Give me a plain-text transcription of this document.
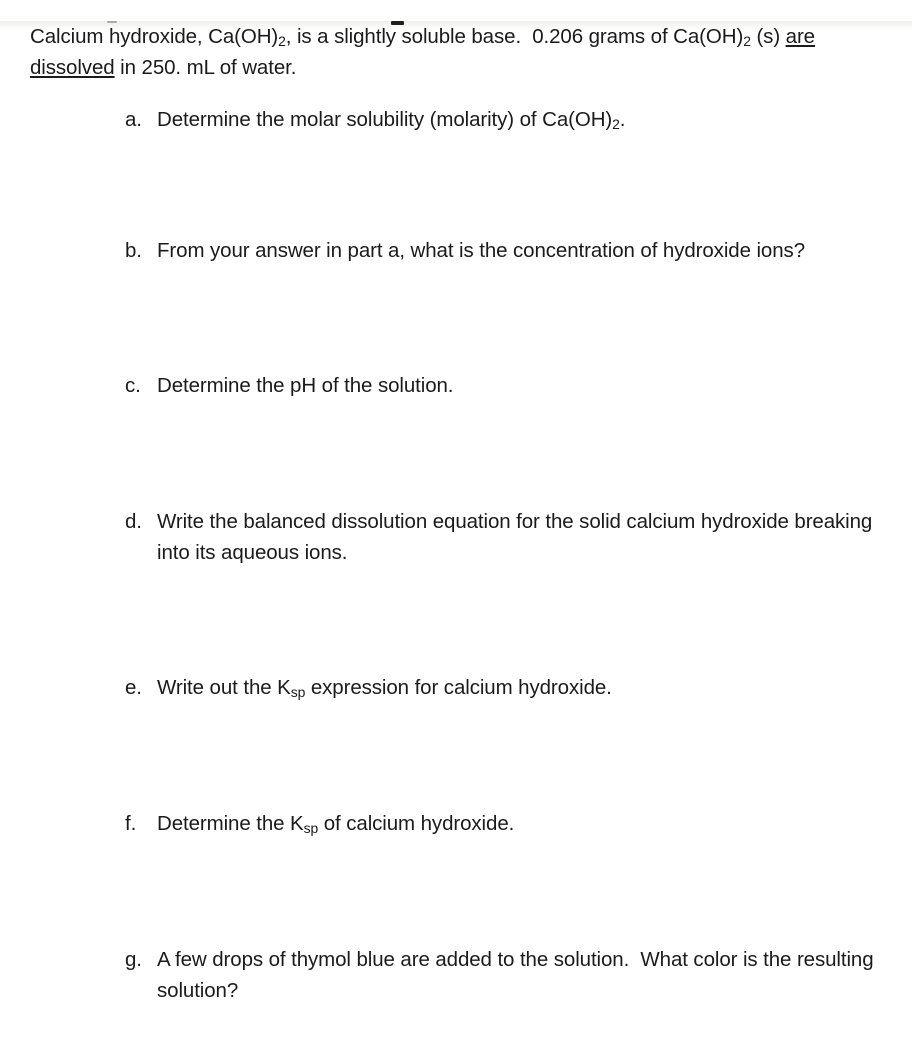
Calcium hydroxide, $Ca(OH)_2$, is a slightly soluble base.  0.206 grams of $Ca(OH)_2$ (s) are
dissolved in 250. mL of water.
a. Determine the molar solubility (molarity) of $Ca(OH)_2$.
b. From your answer in part a, what is the concentration of hydroxide ions?
c. Determine the pH of the solution.
d. Write the balanced dissolution equation for the solid calcium hydroxide breaking into its aqueous ions.
e. Write out the $K_{sp}$ expression for calcium hydroxide.
f.	Determine the $K_{sp}$ of calcium hydroxide.
g. A few drops of thymol blue are added to the solution.  What color is the resulting solution?
